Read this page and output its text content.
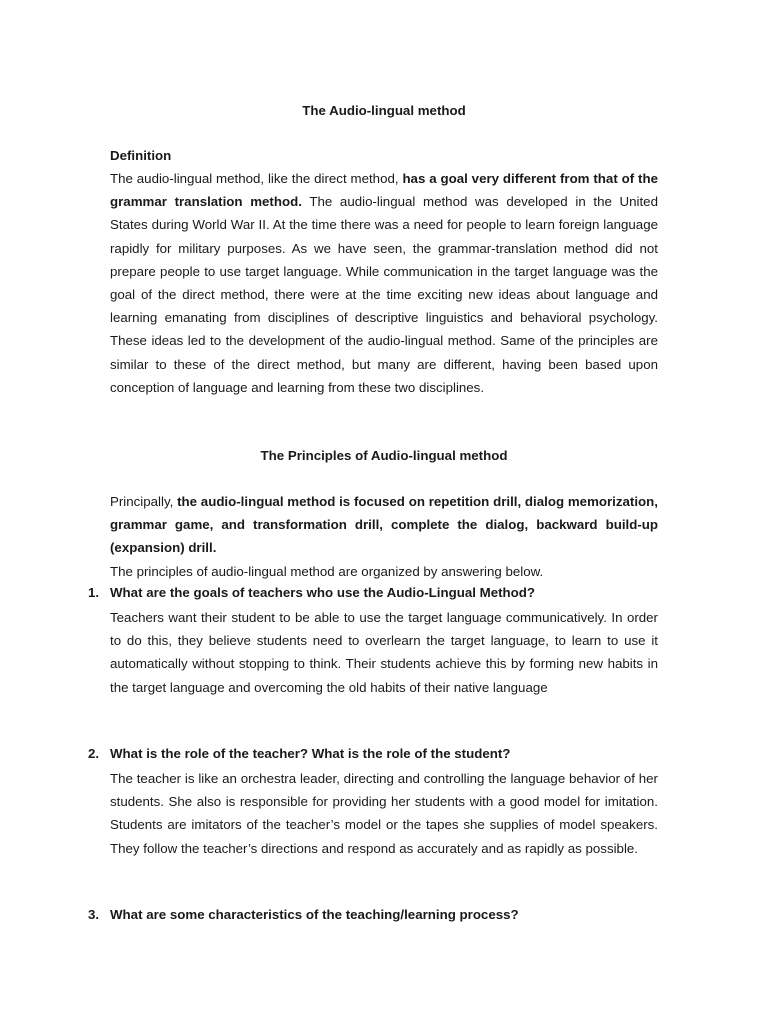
The Audio-lingual method

Definition

The audio-lingual method, like the direct method, has a goal very different from that of the grammar translation method. The audio-lingual method was developed in the United States during World War II. At the time there was a need for people to learn foreign language rapidly for military purposes. As we have seen, the grammar-translation method did not prepare people to use target language. While communication in the target language was the goal of the direct method, there were at the time exciting new ideas about language and learning emanating from disciplines of descriptive linguistics and behavioral psychology. These ideas led to the development of the audio-lingual method. Same of the principles are similar to these of the direct method, but many are different, having been based upon conception of language and learning from these two disciplines.

The Principles of Audio-lingual method

Principally, the audio-lingual method is focused on repetition drill, dialog memorization, grammar game, and transformation drill, complete the dialog, backward build-up (expansion) drill.

The principles of audio-lingual method are organized by answering below.

1. What are the goals of teachers who use the Audio-Lingual Method?

Teachers want their student to be able to use the target language communicatively. In order to do this, they believe students need to overlearn the target language, to learn to use it automatically without stopping to think. Their students achieve this by forming new habits in the target language and overcoming the old habits of their native language

2. What is the role of the teacher? What is the role of the student?

The teacher is like an orchestra leader, directing and controlling the language behavior of her students. She also is responsible for providing her students with a good model for imitation. Students are imitators of the teacher’s model or the tapes she supplies of model speakers. They follow the teacher’s directions and respond as accurately and as rapidly as possible.

3. What are some characteristics of the teaching/learning process?
